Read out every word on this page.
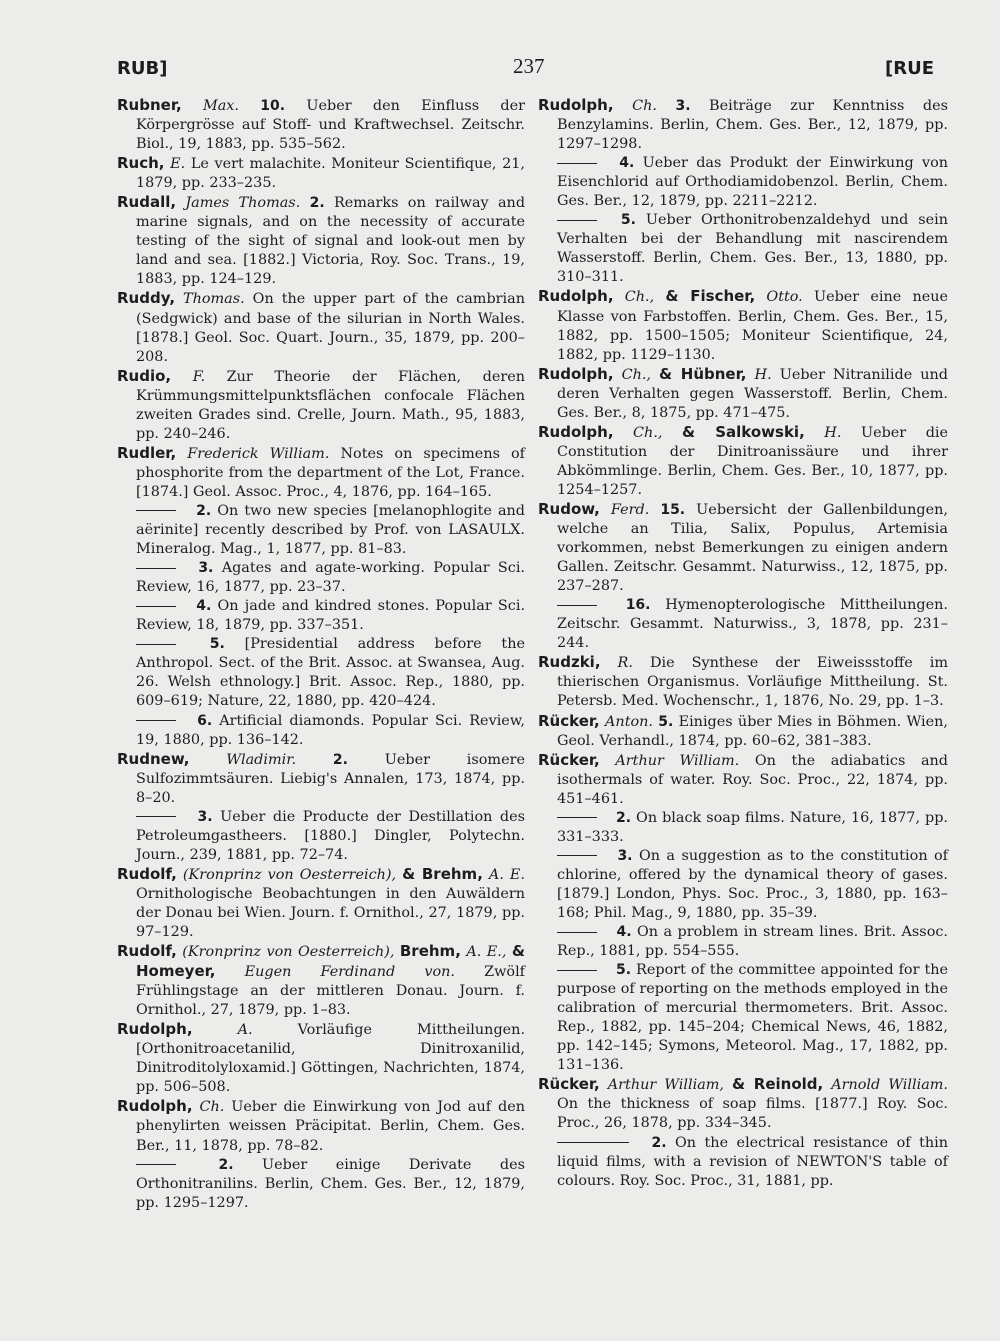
RUB]	237	[RUE

Rubner, Max. 10. Ueber den Einfluss der Körpergrösse auf Stoff- und Kraftwechsel. Zeitschr. Biol., 19, 1883, pp. 535–562.

Ruch, E. Le vert malachite. Moniteur Scientifique, 21, 1879, pp. 233–235.

Rudall, James Thomas. 2. Remarks on railway and marine signals, and on the necessity of accurate testing of the sight of signal and look-out men by land and sea. [1882.] Victoria, Roy. Soc. Trans., 19, 1883, pp. 124–129.

Ruddy, Thomas. On the upper part of the cambrian (Sedgwick) and base of the silurian in North Wales. [1878.] Geol. Soc. Quart. Journ., 35, 1879, pp. 200–208.

Rudio, F. Zur Theorie der Flächen, deren Krümmungsmittelpunktsflächen confocale Flächen zweiten Grades sind. Crelle, Journ. Math., 95, 1883, pp. 240–246.

Rudler, Frederick William. Notes on specimens of phosphorite from the department of the Lot, France. [1874.] Geol. Assoc. Proc., 4, 1876, pp. 164–165.

2. On two new species [melanophlogite and aërinite] recently described by Prof. von LASAULX. Mineralog. Mag., 1, 1877, pp. 81–83.

3. Agates and agate-working. Popular Sci. Review, 16, 1877, pp. 23–37.

4. On jade and kindred stones. Popular Sci. Review, 18, 1879, pp. 337–351.

5. [Presidential address before the Anthropol. Sect. of the Brit. Assoc. at Swansea, Aug. 26. Welsh ethnology.] Brit. Assoc. Rep., 1880, pp. 609–619; Nature, 22, 1880, pp. 420–424.

6. Artificial diamonds. Popular Sci. Review, 19, 1880, pp. 136–142.

Rudnew,	Wladimir.	2.	Ueber isomere Sulfozimmtsäuren. Liebig's Annalen, 173, 1874, pp. 8–20.

3. Ueber die Producte der Destillation des Petroleumgastheers. [1880.] Dingler, Polytechn. Journ., 239, 1881, pp. 72–74.

Rudolf, (Kronprinz von Oesterreich), & Brehm, A. E. Ornithologische Beobachtungen in den Auwäldern der Donau bei Wien. Journ. f. Ornithol., 27, 1879, pp. 97–129.

Rudolf, (Kronprinz von Oesterreich), Brehm, A. E., & Homeyer, Eugen Ferdinand von. Zwölf Frühlingstage an der mittleren Donau. Journ. f. Ornithol., 27, 1879, pp. 1–83.

Rudolph,	A.	Vorläufige Mittheilungen. [Orthonitroacetanilid, Dinitroxanilid, Dinitroditolyloxamid.] Göttingen, Nachrichten, 1874, pp. 506–508.

Rudolph, Ch. Ueber die Einwirkung von Jod auf den phenylirten weissen Präcipitat. Berlin, Chem. Ges. Ber., 11, 1878, pp. 78–82.

2. Ueber einige Derivate des Orthonitranilins. Berlin, Chem. Ges. Ber., 12, 1879, pp. 1295–1297.

Rudolph, Ch. 3. Beiträge zur Kenntniss des Benzylamins. Berlin, Chem. Ges. Ber., 12, 1879, pp. 1297–1298.

4. Ueber das Produkt der Einwirkung von Eisenchlorid auf Orthodiamidobenzol. Berlin, Chem. Ges. Ber., 12, 1879, pp. 2211–2212.

5. Ueber Orthonitrobenzaldehyd und sein Verhalten bei der Behandlung mit nascirendem Wasserstoff. Berlin, Chem. Ges. Ber., 13, 1880, pp. 310–311.

Rudolph, Ch., & Fischer, Otto. Ueber eine neue Klasse von Farbstoffen. Berlin, Chem. Ges. Ber., 15, 1882, pp. 1500–1505; Moniteur Scientifique, 24, 1882, pp. 1129–1130.

Rudolph, Ch., & Hübner, H. Ueber Nitranilide und deren Verhalten gegen Wasserstoff. Berlin, Chem. Ges. Ber., 8, 1875, pp. 471–475.

Rudolph, Ch., & Salkowski, H. Ueber die Constitution der Dinitroanissäure und ihrer Abkömmlinge. Berlin, Chem. Ges. Ber., 10, 1877, pp. 1254–1257.

Rudow, Ferd. 15. Uebersicht der Gallenbildungen, welche an Tilia, Salix, Populus, Artemisia vorkommen, nebst Bemerkungen zu einigen andern Gallen. Zeitschr. Gesammt. Naturwiss., 12, 1875, pp. 237–287.

16. Hymenopterologische Mittheilungen. Zeitschr. Gesammt. Naturwiss., 3, 1878, pp. 231–244.

Rudzki, R. Die Synthese der Eiweissstoffe im thierischen Organismus. Vorläufige Mittheilung. St. Petersb. Med. Wochenschr., 1, 1876, No. 29, pp. 1–3.

Rücker, Anton. 5. Einiges über Mies in Böhmen. Wien, Geol. Verhandl., 1874, pp. 60–62, 381–383.

Rücker, Arthur William. On the adiabatics and isothermals of water. Roy. Soc. Proc., 22, 1874, pp. 451–461.

2. On black soap films. Nature, 16, 1877, pp. 331–333.

3. On a suggestion as to the constitution of chlorine, offered by the dynamical theory of gases. [1879.] London, Phys. Soc. Proc., 3, 1880, pp. 163–168; Phil. Mag., 9, 1880, pp. 35–39.

4. On a problem in stream lines. Brit. Assoc. Rep., 1881, pp. 554–555.

5. Report of the committee appointed for the purpose of reporting on the methods employed in the calibration of mercurial thermometers. Brit. Assoc. Rep., 1882, pp. 145–204; Chemical News, 46, 1882, pp. 142–145; Symons, Meteorol. Mag., 17, 1882, pp. 131–136.

Rücker, Arthur William, & Reinold, Arnold William. On the thickness of soap films. [1877.] Roy. Soc. Proc., 26, 1878, pp. 334–345.

2. On the electrical resistance of thin liquid films, with a revision of NEWTON'S table of colours. Roy. Soc. Proc., 31, 1881, pp.
